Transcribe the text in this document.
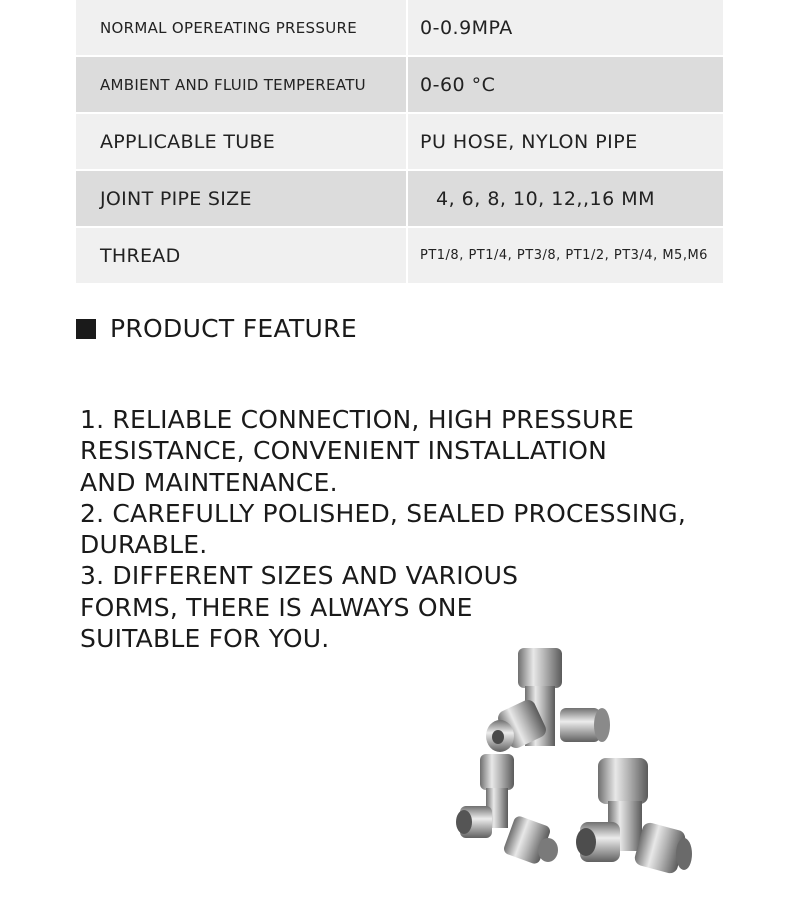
NORMAL OPEREATING PRESSURE	0-0.9MPA
AMBIENT AND FLUID TEMPEREATU	0-60 °C
APPLICABLE TUBE	PU HOSE, NYLON PIPE
JOINT PIPE SIZE	4, 6, 8, 10, 12,,16 MM
THREAD	PT1/8, PT1/4, PT3/8, PT1/2, PT3/4, M5,M6
PRODUCT FEATURE
1. RELIABLE CONNECTION, HIGH PRESSURE
RESISTANCE, CONVENIENT INSTALLATION
AND MAINTENANCE.
2. CAREFULLY POLISHED, SEALED PROCESSING,
DURABLE.
3. DIFFERENT SIZES AND VARIOUS
FORMS, THERE IS ALWAYS ONE
SUITABLE FOR YOU.
